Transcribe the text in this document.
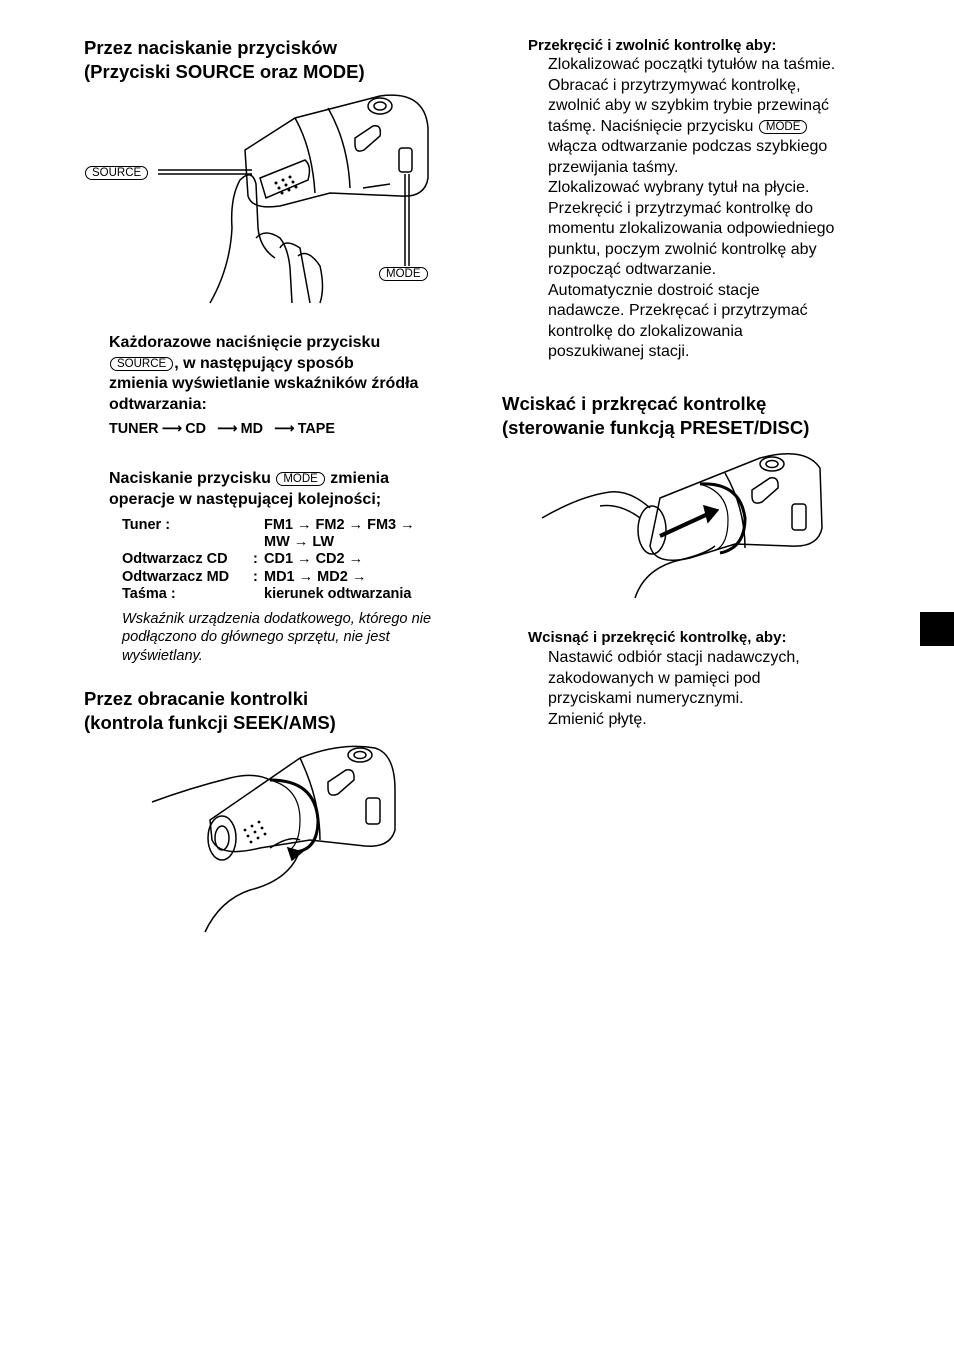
Przez naciskanie przycisków
(Przyciski SOURCE oraz MODE)
SOURCE
MODE
Każdorazowe naciśnięcie przycisku
SOURCE , w następujący sposób
zmienia wyświetlanie wskaźników źródła
odtwarzania:
TUNER ⟶ CD ⟶ MD ⟶ TAPE
Naciskanie przycisku MODE zmienia
operacje w następującej kolejności;
Tuner :	FM1 → FM2 → FM3 →
MW → LW
Odtwarzacz CD : CD1 → CD2 →
Odtwarzacz MD : MD1 → MD2 →
Taśma :	kierunek odtwarzania
Wskaźnik urządzenia dodatkowego, którego nie
podłączono do głównego sprzętu, nie jest
wyświetlany.
Przez obracanie kontrolki
(kontrola funkcji SEEK/AMS)
Przekręcić i zwolnić kontrolkę aby:
Zlokalizować początki tytułów na taśmie.
Obracać i przytrzymywać kontrolkę,
zwolnić aby w szybkim trybie przewinąć
taśmę. Naciśnięcie przycisku MODE
włącza odtwarzanie podczas szybkiego
przewijania taśmy.
Zlokalizować wybrany tytuł na płycie.
Przekręcić i przytrzymać kontrolkę do
momentu zlokalizowania odpowiedniego
punktu, poczym zwolnić kontrolkę aby
rozpocząć odtwarzanie.
Automatycznie dostroić stacje
nadawcze. Przekręcać i przytrzymać
kontrolkę do zlokalizowania
poszukiwanej stacji.
Wciskać i przkręcać kontrolkę
(sterowanie funkcją PRESET/DISC)
Wcisnąć i przekręcić kontrolkę, aby:
Nastawić odbiór stacji nadawczych,
zakodowanych w pamięci pod
przyciskami numerycznymi.
Zmienić płytę.
